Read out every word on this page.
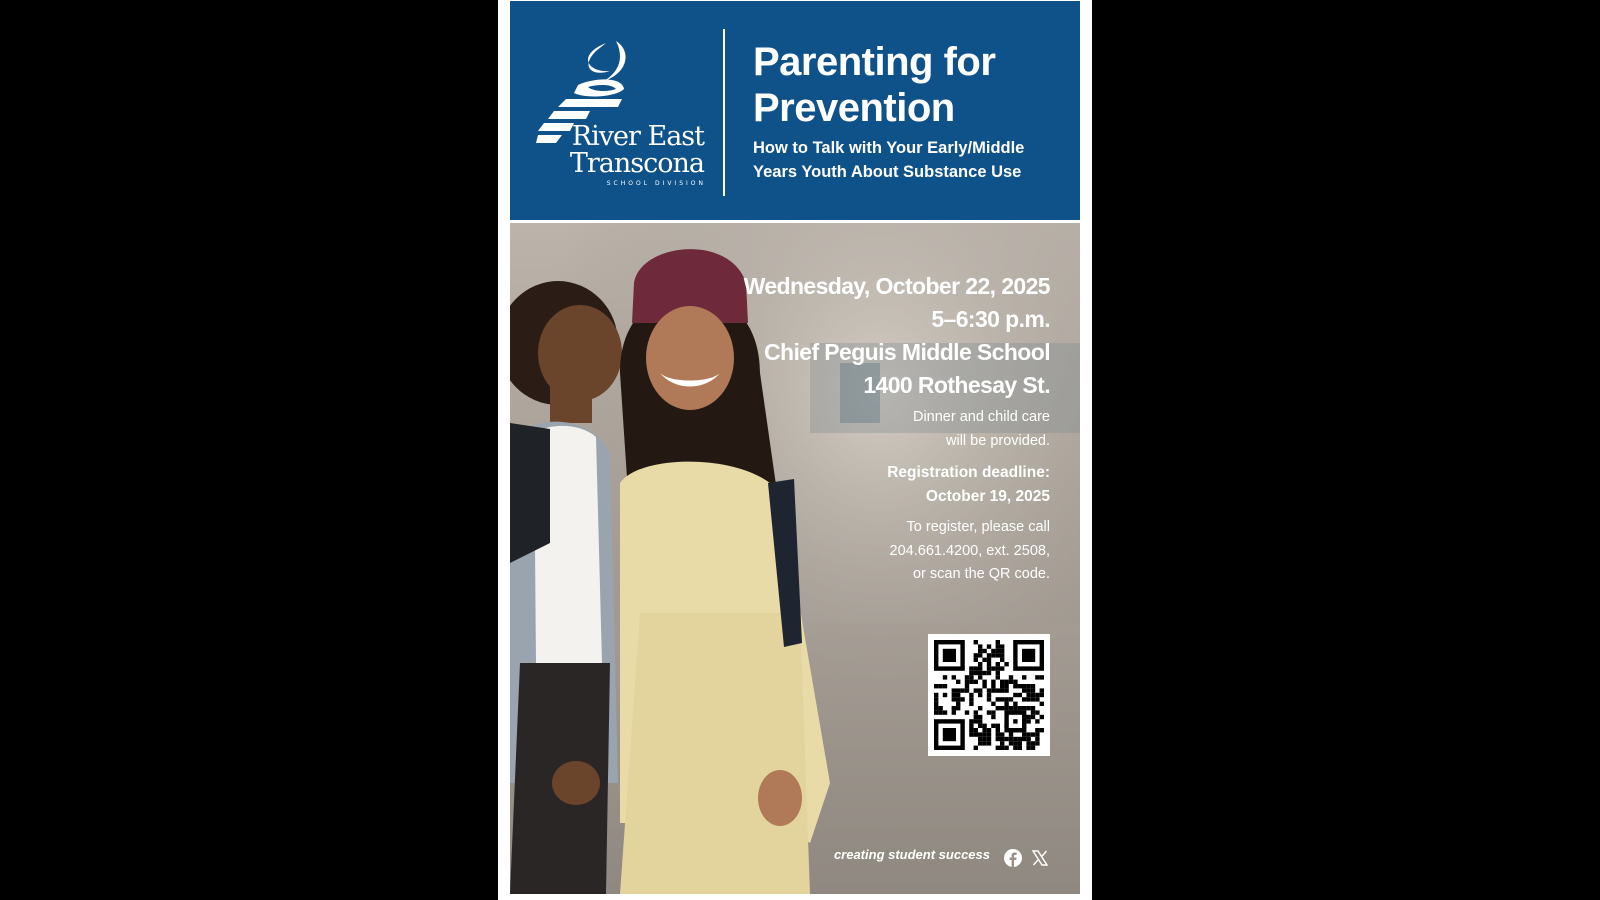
River East
Transcona
SCHOOL DIVISION
Parenting for Prevention
How to Talk with Your Early/Middle Years Youth About Substance Use
Wednesday, October 22, 2025
5–6:30 p.m.
Chief Peguis Middle School
1400 Rothesay St.
Dinner and child care
will be provided.
Registration deadline:
October 19, 2025
To register, please call
204.661.4200, ext. 2508,
or scan the QR code.
creating student success
